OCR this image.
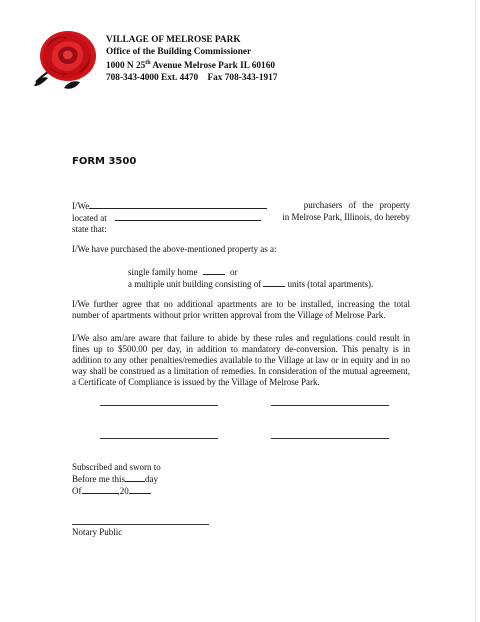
VILLAGE OF MELROSE PARK
Office of the Building Commissioner
1000 N 25th Avenue Melrose Park IL 60160
708-343-4000 Ext. 4470    Fax 708-343-1917
FORM 3500
I/We	purchasers of the property
located at	in Melrose Park, Illinois, do hereby
state that:
I/We have purchased the above-mentioned property as a:
single family home	or
a multiple unit building consisting of	units (total apartments).
I/We further agree that no additional apartments are to be installed, increasing the total number of apartments without prior written approval from the Village of Melrose Park.
I/We also am/are aware that failure to abide by these rules and regulations could result in fines up to $500.00 per day, in addition to mandatory de-conversion. This penalty is in addition to any other penalties/remedies available to the Village at law or in equity and in no way shall be construed as a limitation of remedies. In consideration of the mutual agreement, a Certificate of Compliance is issued by the Village of Melrose Park.
Subscribed and sworn to
Before me this day
Of	,20
Notary Public
